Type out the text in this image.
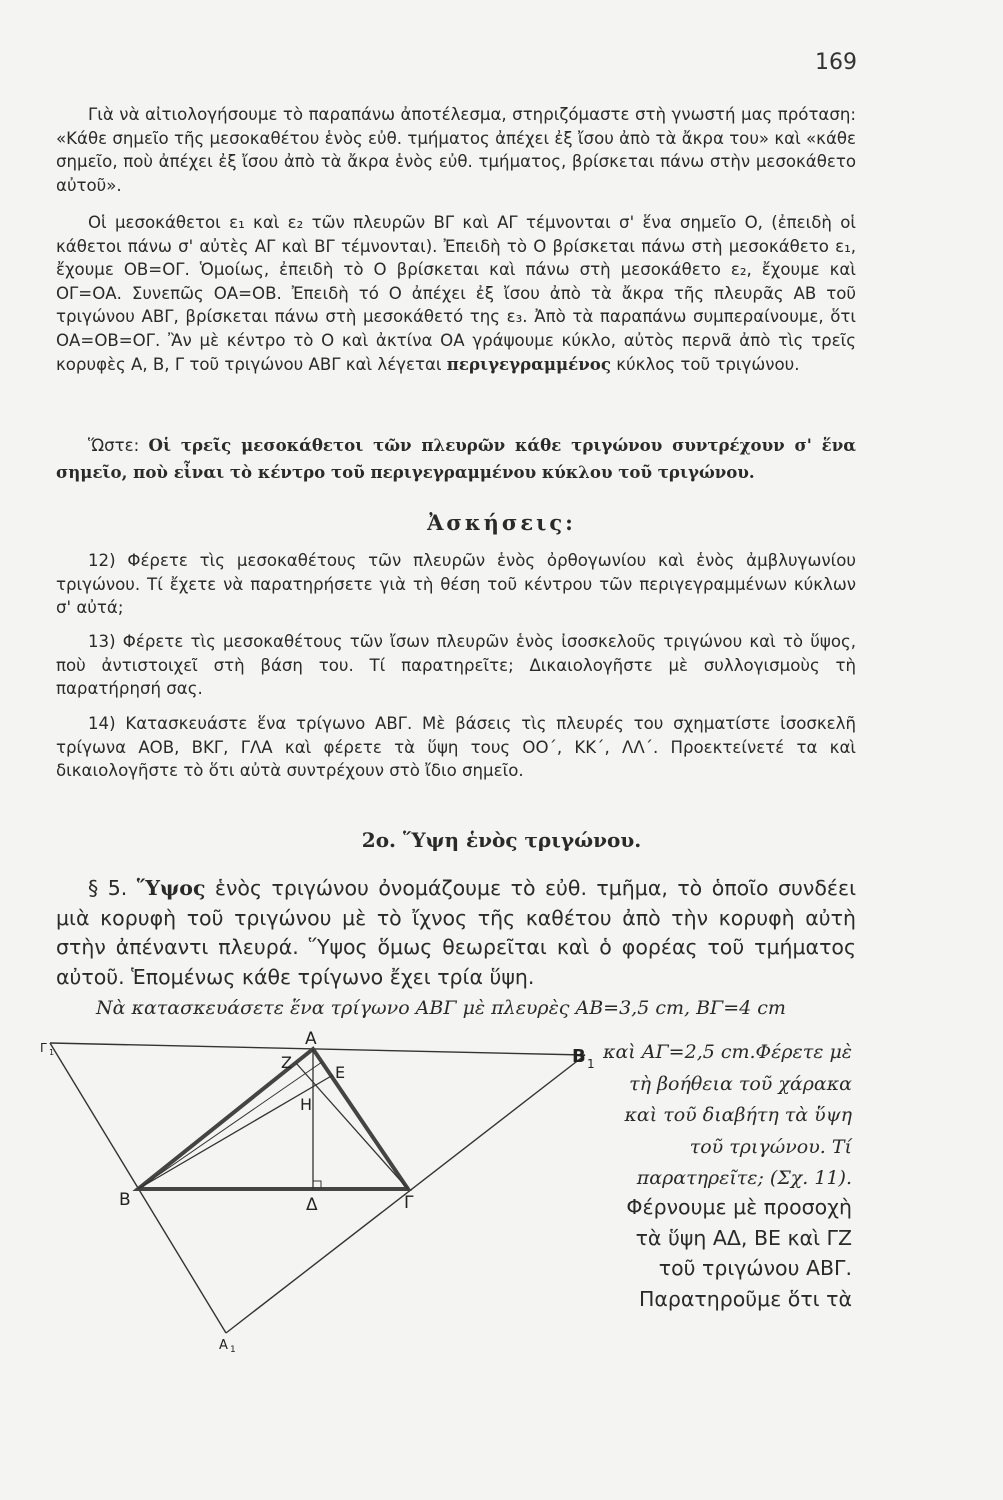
169

Γιὰ νὰ αἰτιολογήσουμε τὸ παραπάνω ἀποτέλεσμα, στηριζόμαστε στὴ γνωστή μας πρόταση: «Κάθε σημεῖο τῆς μεσοκαθέτου ἑνὸς εὐθ. τμήματος ἀπέχει ἐξ ἴσου ἀπὸ τὰ ἄκρα του» καὶ «κάθε σημεῖο, ποὺ ἀπέχει ἐξ ἴσου ἀπὸ τὰ ἄκρα ἑνὸς εὐθ. τμήματος, βρίσκεται πάνω στὴν μεσοκάθετο αὐτοῦ».

Οἱ μεσοκάθετοι ε₁ καὶ ε₂ τῶν πλευρῶν ΒΓ καὶ ΑΓ τέμνονται σ' ἕνα σημεῖο Ο, (ἐπειδὴ οἱ κάθετοι πάνω σ' αὐτὲς ΑΓ καὶ ΒΓ τέμνονται). Ἐπειδὴ τὸ Ο βρίσκεται πάνω στὴ μεσοκάθετο ε₁, ἔχουμε ΟΒ=ΟΓ. Ὁμοίως, ἐπειδὴ τὸ Ο βρίσκεται καὶ πάνω στὴ μεσοκάθετο ε₂, ἔχουμε καὶ ΟΓ=ΟΑ. Συνεπῶς ΟΑ=ΟΒ. Ἐπειδὴ τό Ο ἀπέχει ἐξ ἴσου ἀπὸ τὰ ἄκρα τῆς πλευρᾶς ΑΒ τοῦ τριγώνου ΑΒΓ, βρίσκεται πάνω στὴ μεσοκάθετό της ε₃. Ἀπὸ τὰ παραπάνω συμπεραίνουμε, ὅτι ΟΑ=ΟΒ=ΟΓ. Ἂν μὲ κέντρο τὸ Ο καὶ ἀκτίνα ΟΑ γράψουμε κύκλο, αὐτὸς περνᾶ ἀπὸ τὶς τρεῖς κορυφὲς Α, Β, Γ τοῦ τριγώνου ΑΒΓ καὶ λέγεται περιγεγραμμένος κύκλος τοῦ τριγώνου.

Ὥστε: Οἱ τρεῖς μεσοκάθετοι τῶν πλευρῶν κάθε τριγώνου συντρέχουν σ' ἕνα σημεῖο, ποὺ εἶναι τὸ κέντρο τοῦ περιγεγραμμένου κύκλου τοῦ τριγώνου.

Ἀσκήσεις:

12) Φέρετε τὶς μεσοκαθέτους τῶν πλευρῶν ἑνὸς ὀρθογωνίου καὶ ἑνὸς ἀμβλυγωνίου τριγώνου. Τί ἔχετε νὰ παρατηρήσετε γιὰ τὴ θέση τοῦ κέντρου τῶν περιγεγραμμένων κύκλων σ' αὐτά;

13) Φέρετε τὶς μεσοκαθέτους τῶν ἴσων πλευρῶν ἑνὸς ἰσοσκελοῦς τριγώνου καὶ τὸ ὕψος, ποὺ ἀντιστοιχεῖ στὴ βάση του. Τί παρατηρεῖτε; Δικαιολογῆστε μὲ συλλογισμοὺς τὴ παρατήρησή σας.

14) Κατασκευάστε ἕνα τρίγωνο ΑΒΓ. Μὲ βάσεις τὶς πλευρές του σχηματίστε ἰσοσκελῆ τρίγωνα ΑΟΒ, ΒΚΓ, ΓΛΑ καὶ φέρετε τὰ ὕψη τους ΟΟ΄, ΚΚ΄, ΛΛ΄. Προεκτείνετέ τα καὶ δικαιολογῆστε τὸ ὅτι αὐτὰ συντρέχουν στὸ ἴδιο σημεῖο.

2ο. Ὕψη ἑνὸς τριγώνου.

§ 5. Ὕψος ἑνὸς τριγώνου ὀνομάζουμε τὸ εὐθ. τμῆμα, τὸ ὁποῖο συνδέει μιὰ κορυφὴ τοῦ τριγώνου μὲ τὸ ἴχνος τῆς καθέτου ἀπὸ τὴν κορυφὴ αὐτὴ στὴν ἀπέναντι πλευρά. Ὕψος ὅμως θεωρεῖται καὶ ὁ φορέας τοῦ τμήματος αὐτοῦ. Ἑπομένως κάθε τρίγωνο ἔχει τρία ὕψη.

Νὰ κατασκευάσετε ἕνα τρίγωνο ΑΒΓ μὲ πλευρὲς ΑΒ=3,5 cm, ΒΓ=4 cm

καὶ ΑΓ=2,5 cm.Φέρετε μὲ τὴ βοήθεια τοῦ χάρακα καὶ τοῦ διαβήτη τὰ ὕψη τοῦ τριγώνου. Τί παρατηρεῖτε; (Σχ. 11).

Φέρνουμε μὲ προσοχὴ τὰ ὕψη ΑΔ, ΒΕ καὶ ΓΖ τοῦ τριγώνου ΑΒΓ. Παρατηροῦμε ὅτι τὰ

Α
Ζ
Ε
Η
Β	Δ	Γ
Β 1
Α 1
Γ 1
